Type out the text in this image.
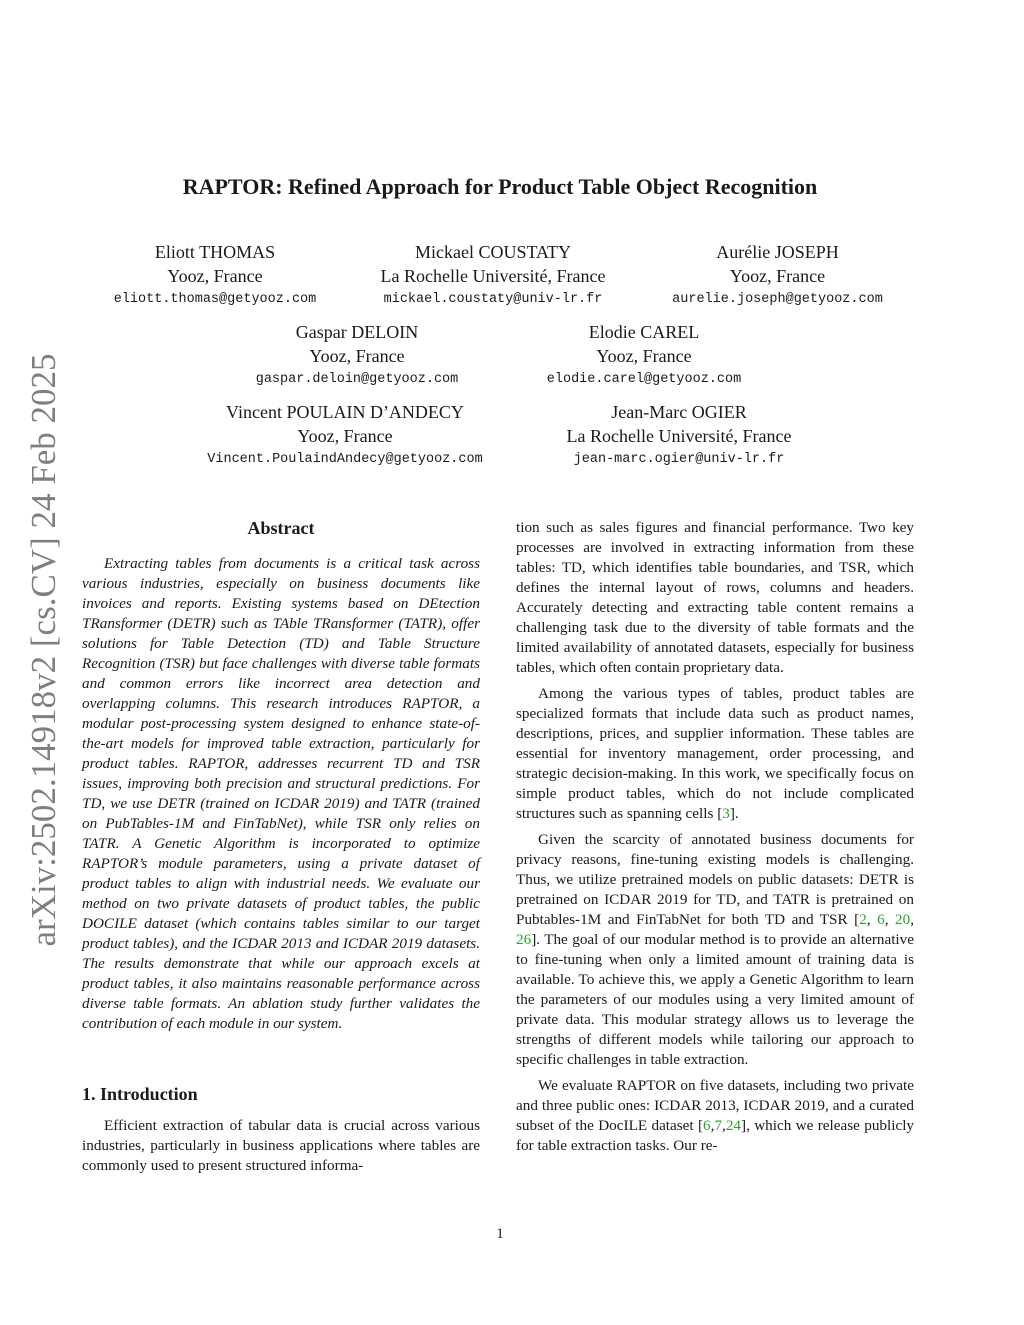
arXiv:2502.14918v2 [cs.CV] 24 Feb 2025
RAPTOR: Refined Approach for Product Table Object Recognition
Eliott THOMAS
Yooz, France
eliott.thomas@getyooz.com
Mickael COUSTATY
La Rochelle Université, France
mickael.coustaty@univ-lr.fr
Aurélie JOSEPH
Yooz, France
aurelie.joseph@getyooz.com
Gaspar DELOIN
Yooz, France
gaspar.deloin@getyooz.com
Elodie CAREL
Yooz, France
elodie.carel@getyooz.com
Vincent POULAIN D’ANDECY
Yooz, France
Vincent.PoulaindAndecy@getyooz.com
Jean-Marc OGIER
La Rochelle Université, France
jean-marc.ogier@univ-lr.fr
Abstract

Extracting tables from documents is a critical task across various industries, especially on business documents like invoices and reports. Existing systems based on DEtection TRansformer (DETR) such as TAble TRansformer (TATR), offer solutions for Table Detection (TD) and Table Structure Recognition (TSR) but face challenges with diverse table formats and common errors like incorrect area detection and overlapping columns. This research introduces RAPTOR, a modular post-processing system designed to enhance state-of-the-art models for improved table extraction, particularly for product tables. RAPTOR, addresses recurrent TD and TSR issues, improving both precision and structural predictions. For TD, we use DETR (trained on ICDAR 2019) and TATR (trained on PubTables-1M and FinTabNet), while TSR only relies on TATR. A Genetic Algorithm is incorporated to optimize RAPTOR’s module parameters, using a private dataset of product tables to align with industrial needs. We evaluate our method on two private datasets of product tables, the public DOCILE dataset (which contains tables similar to our target product tables), and the ICDAR 2013 and ICDAR 2019 datasets. The results demonstrate that while our approach excels at product tables, it also maintains reasonable performance across diverse table formats. An ablation study further validates the contribution of each module in our system.

1. Introduction

Efficient extraction of tabular data is crucial across various industries, particularly in business applications where tables are commonly used to present structured informa-

tion such as sales figures and financial performance. Two key processes are involved in extracting information from these tables: TD, which identifies table boundaries, and TSR, which defines the internal layout of rows, columns and headers. Accurately detecting and extracting table content remains a challenging task due to the diversity of table formats and the limited availability of annotated datasets, especially for business tables, which often contain proprietary data.

Among the various types of tables, product tables are specialized formats that include data such as product names, descriptions, prices, and supplier information. These tables are essential for inventory management, order processing, and strategic decision-making. In this work, we specifically focus on simple product tables, which do not include complicated structures such as spanning cells [3].

Given the scarcity of annotated business documents for privacy reasons, fine-tuning existing models is challenging. Thus, we utilize pretrained models on public datasets: DETR is pretrained on ICDAR 2019 for TD, and TATR is pretrained on Pubtables-1M and FinTabNet for both TD and TSR [2, 6, 20, 26]. The goal of our modular method is to provide an alternative to fine-tuning when only a limited amount of training data is available. To achieve this, we apply a Genetic Algorithm to learn the parameters of our modules using a very limited amount of private data. This modular strategy allows us to leverage the strengths of different models while tailoring our approach to specific challenges in table extraction.

We evaluate RAPTOR on five datasets, including two private and three public ones: ICDAR 2013, ICDAR 2019, and a curated subset of the DocILE dataset [6,7,24], which we release publicly for table extraction tasks. Our re-

1
